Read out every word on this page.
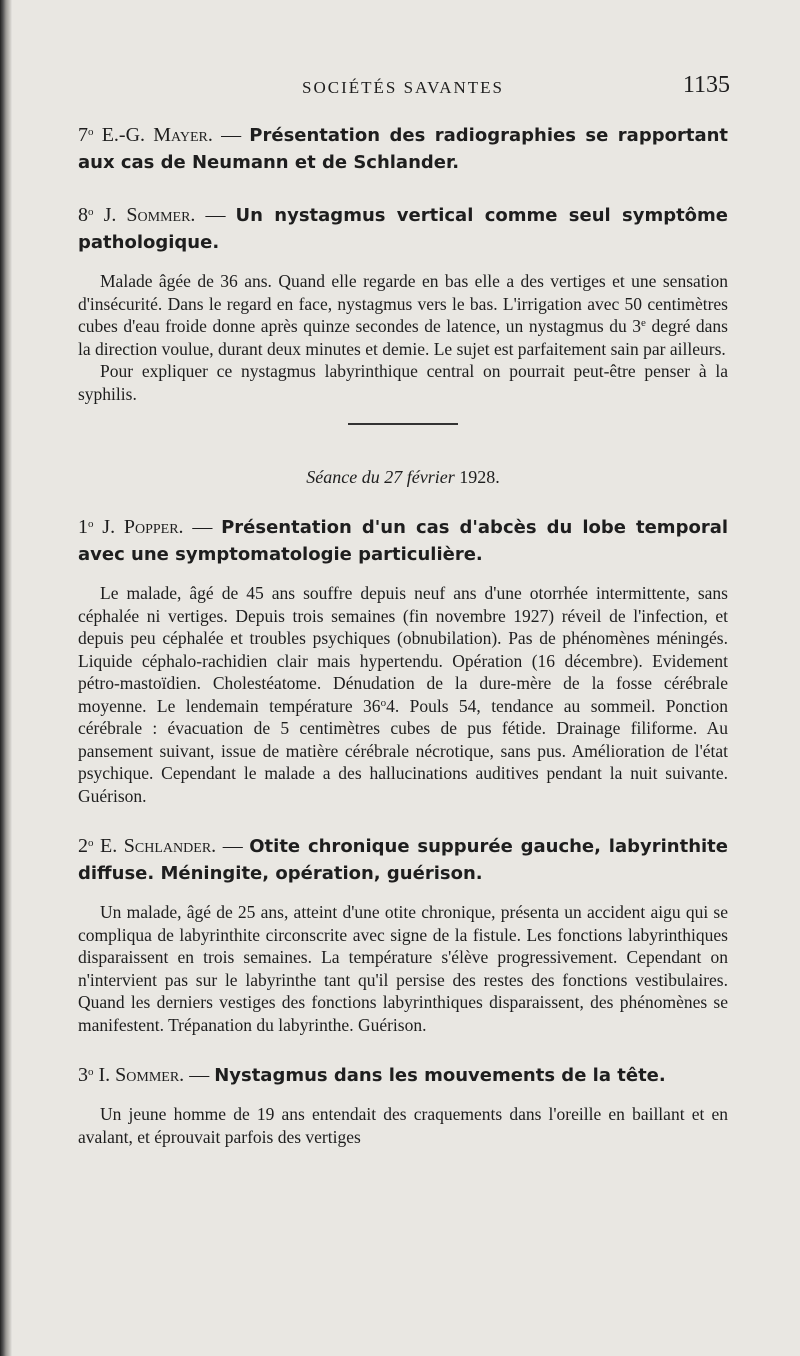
SOCIÉTÉS SAVANTES	1135

7$^o$ E.-G. Mayer. — Présentation des radiographies se rapportant aux cas de Neumann et de Schlander.

8$^o$ J. Sommer. — Un nystagmus vertical comme seul symptôme pathologique.

Malade âgée de 36 ans. Quand elle regarde en bas elle a des vertiges et une sensation d'insécurité. Dans le regard en face, nystagmus vers le bas. L'irrigation avec 50 centimètres cubes d'eau froide donne après quinze secondes de latence, un nystagmus du 3e degré dans la direction voulue, durant deux minutes et demie. Le sujet est parfaitement sain par ailleurs.

Pour expliquer ce nystagmus labyrinthique central on pourrait peut-être penser à la syphilis.

Séance du 27 février 1928.

1$^o$ J. Popper. — Présentation d'un cas d'abcès du lobe temporal avec une symptomatologie particulière.

Le malade, âgé de 45 ans souffre depuis neuf ans d'une otorrhée intermittente, sans céphalée ni vertiges. Depuis trois semaines (fin novembre 1927) réveil de l'infection, et depuis peu céphalée et troubles psychiques (obnubilation). Pas de phénomènes méningés. Liquide céphalo-rachidien clair mais hypertendu. Opération (16 décembre). Evidement pétro-mastoïdien. Cholestéatome. Dénudation de la dure-mère de la fosse cérébrale moyenne. Le lendemain température 36$^o$4. Pouls 54, tendance au sommeil. Ponction cérébrale : évacuation de 5 centimètres cubes de pus fétide. Drainage filiforme. Au pansement suivant, issue de matière cérébrale nécrotique, sans pus. Amélioration de l'état psychique. Cependant le malade a des hallucinations auditives pendant la nuit suivante. Guérison.

2$^o$ E. Schlander. — Otite chronique suppurée gauche, labyrinthite diffuse. Méningite, opération, guérison.

Un malade, âgé de 25 ans, atteint d'une otite chronique, présenta un accident aigu qui se compliqua de labyrinthite circonscrite avec signe de la fistule. Les fonctions labyrinthiques disparaissent en trois semaines. La température s'élève progressivement. Cependant on n'intervient pas sur le labyrinthe tant qu'il persise des restes des fonctions vestibulaires. Quand les derniers vestiges des fonctions labyrinthiques disparaissent, des phénomènes se manifestent. Trépanation du labyrinthe. Guérison.

3$^o$ I. Sommer. — Nystagmus dans les mouvements de la tête.

Un jeune homme de 19 ans entendait des craquements dans l'oreille en baillant et en avalant, et éprouvait parfois des vertiges
